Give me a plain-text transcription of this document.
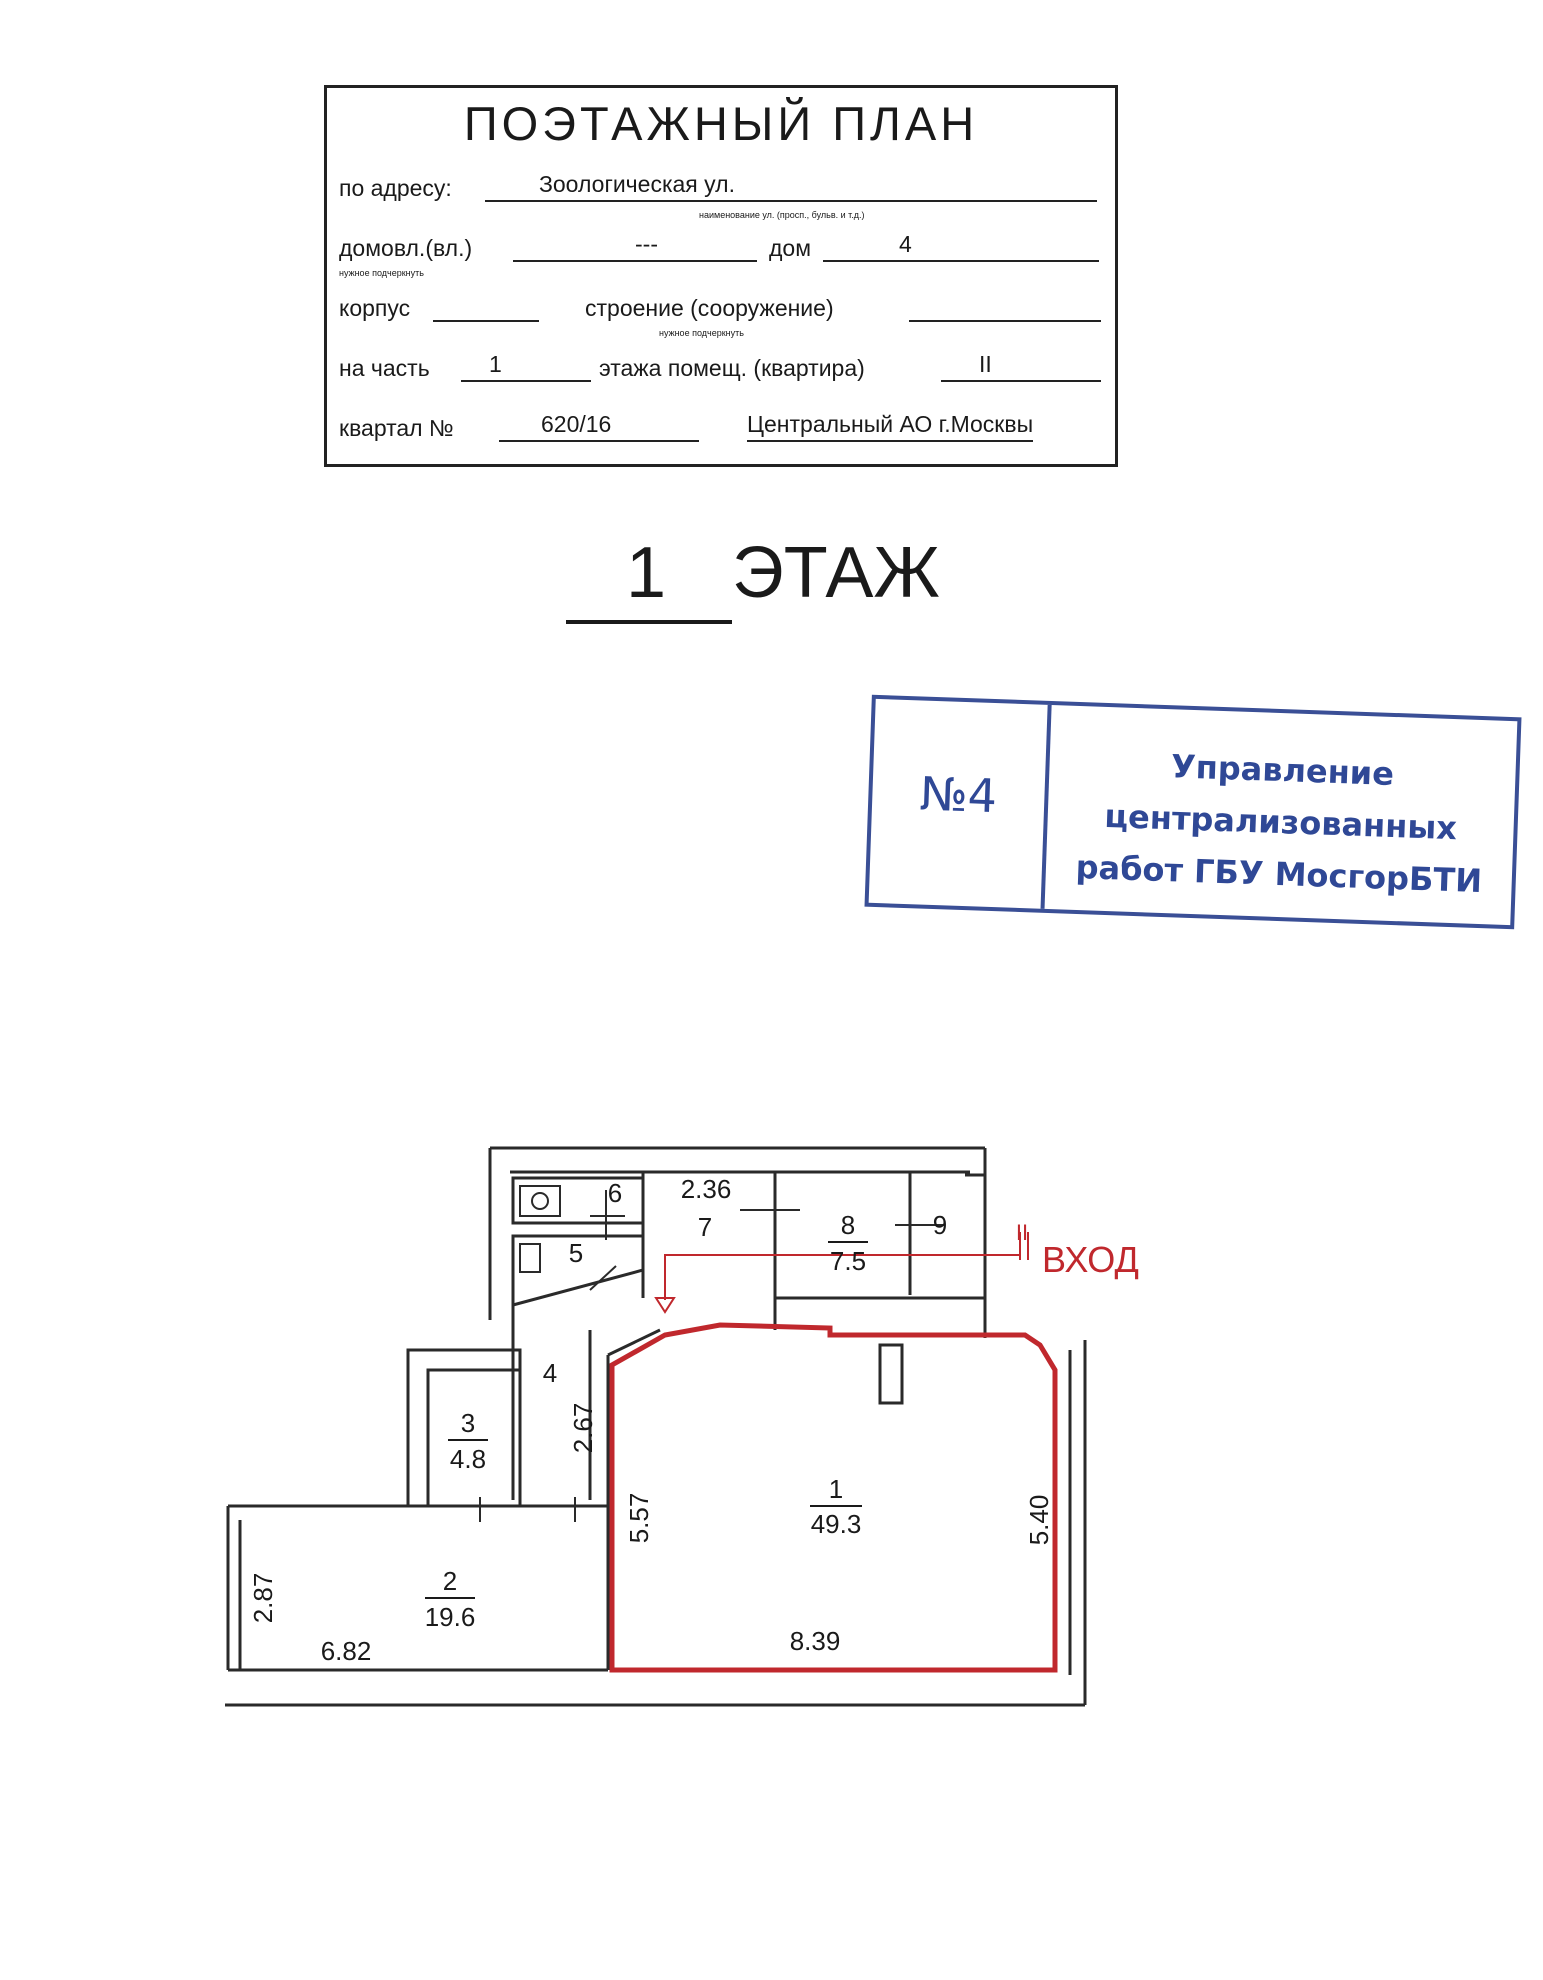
ПОЭТАЖНЫЙ ПЛАН
по адресу:	Зоологическая ул.
наименование ул. (просп., бульв. и т.д.)
домовл.(вл.)	---	дом	4
нужное подчеркнуть
корпус	строение (сооружение)
нужное подчеркнуть
на часть	1	этажа помещ. (квартира)	II
квартал №	620/16	Центральный АО г.Москвы
1 ЭТАЖ
№4	Управление
централизованных
работ ГБУ МосгорБТИ
1
49.3
2
19.6
3
4.8
4
5
6
7	8
7.5
9
8.39
6.82
2.36
5.57	5.40
2.87
2.67
II
ВХОД
